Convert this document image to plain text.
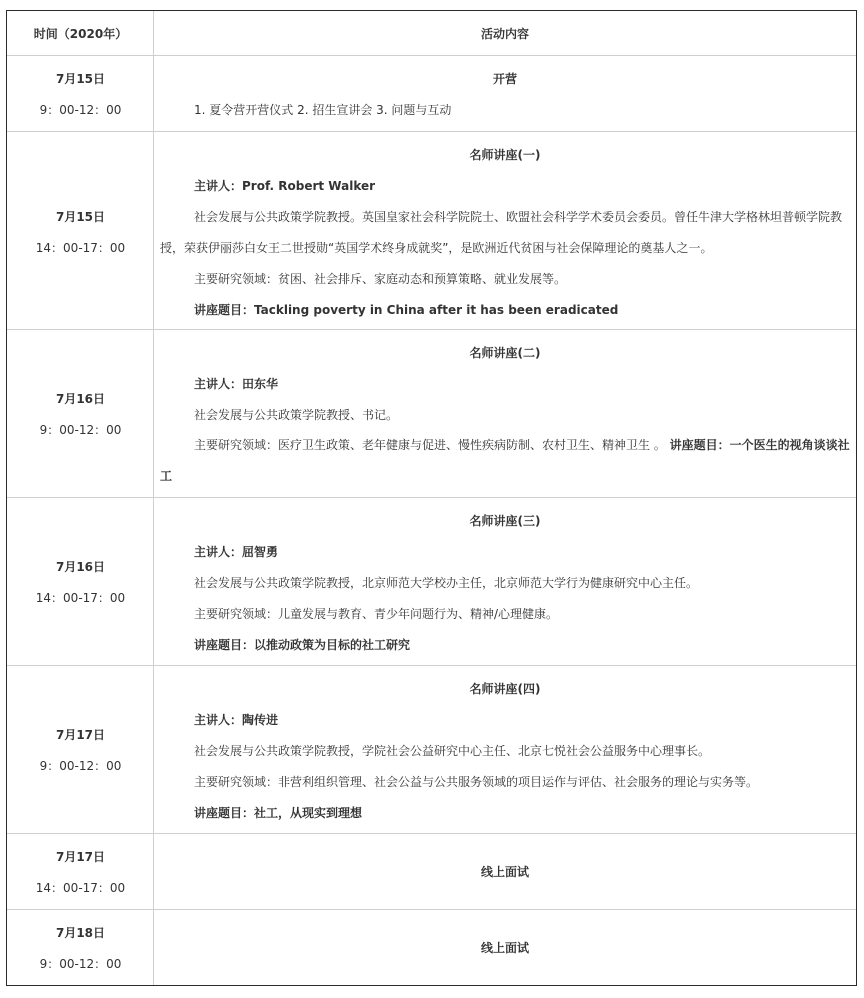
时间（2020年）	活动内容
7月15日
9：00-12：00
开营
1. 夏令营开营仪式 2. 招生宣讲会 3. 问题与互动
7月15日
14：00-17：00
名师讲座(一)
主讲人：Prof. Robert Walker
社会发展与公共政策学院教授。英国皇家社会科学院院士、欧盟社会科学学术委员会委员。曾任牛津大学格林坦普顿学院教授，荣获伊丽莎白女王二世授勋“英国学术终身成就奖”，是欧洲近代贫困与社会保障理论的奠基人之一。
主要研究领域：贫困、社会排斥、家庭动态和预算策略、就业发展等。
讲座题目：Tackling poverty in China after it has been eradicated
7月16日
9：00-12：00
名师讲座(二)
主讲人：田东华
社会发展与公共政策学院教授、书记。
主要研究领域：医疗卫生政策、老年健康与促进、慢性疾病防制、农村卫生、精神卫生 。 讲座题目：一个医生的视角谈谈社工
7月16日
14：00-17：00
名师讲座(三)
主讲人：屈智勇
社会发展与公共政策学院教授，北京师范大学校办主任，北京师范大学行为健康研究中心主任。
主要研究领域：儿童发展与教育、青少年问题行为、精神/心理健康。
讲座题目：以推动政策为目标的社工研究
7月17日
9：00-12：00
名师讲座(四)
主讲人：陶传进
社会发展与公共政策学院教授，学院社会公益研究中心主任、北京七悦社会公益服务中心理事长。
主要研究领域：非营利组织管理、社会公益与公共服务领域的项目运作与评估、社会服务的理论与实务等。
讲座题目：社工，从现实到理想
7月17日
14：00-17：00
线上面试
7月18日
9：00-12：00
线上面试
